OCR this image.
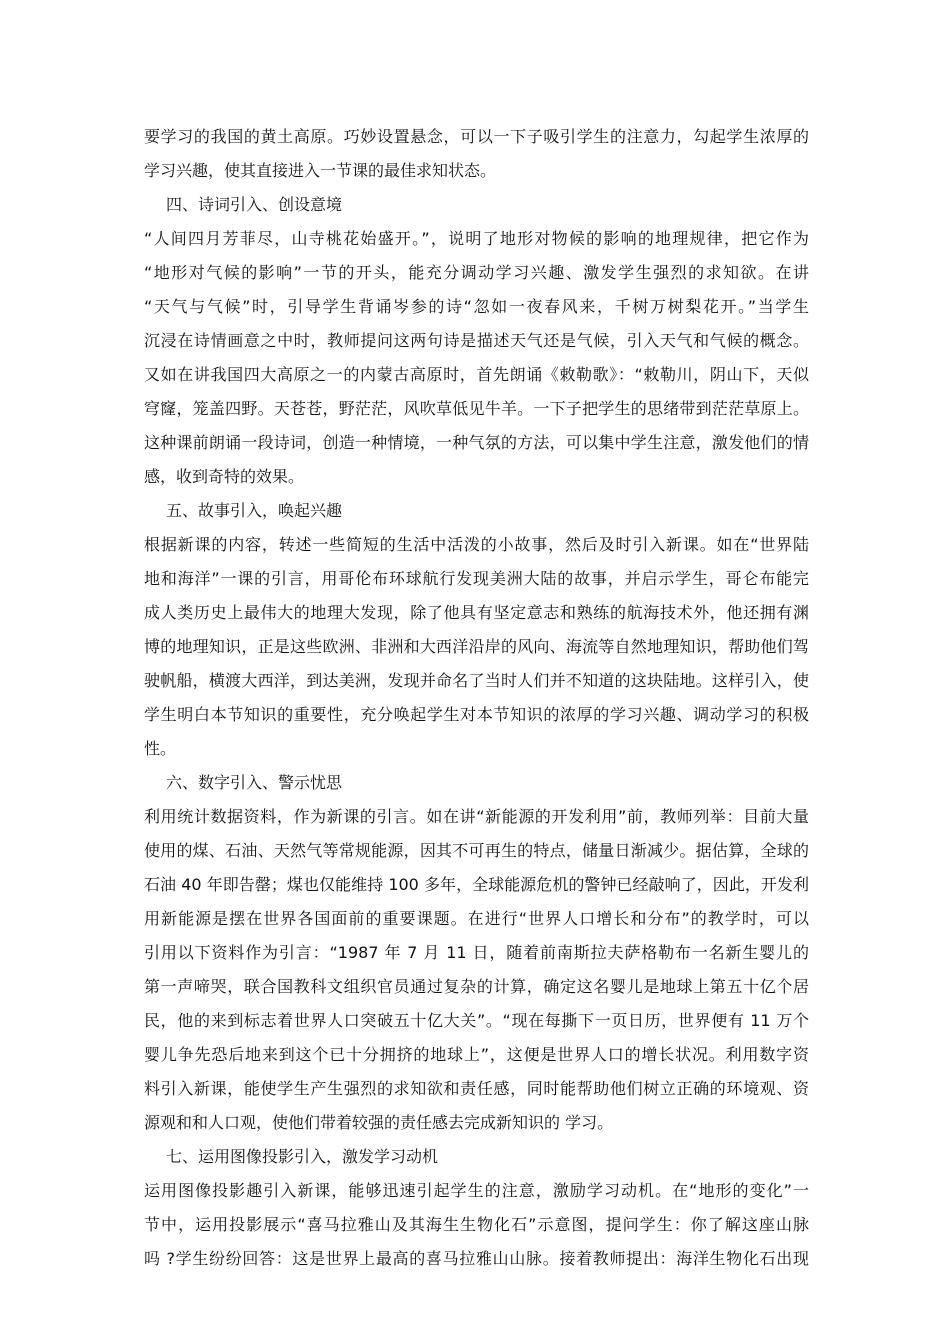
要学习的我国的黄土高原。巧妙设置悬念，可以一下子吸引学生的注意力，勾起学生浓厚的
学习兴趣，使其直接进入一节课的最佳求知状态。
四、诗词引入、创设意境
“人间四月芳菲尽，山寺桃花始盛开。”，说明了地形对物候的影响的地理规律，把它作为
“地形对气候的影响”一节的开头，能充分调动学习兴趣、激发学生强烈的求知欲。在讲
“天气与气候”时，引导学生背诵岑参的诗“忽如一夜春风来，千树万树梨花开。”当学生
沉浸在诗情画意之中时，教师提问这两句诗是描述天气还是气候，引入天气和气候的概念。
又如在讲我国四大高原之一的内蒙古高原时，首先朗诵《敕勒歌》：“敕勒川，阴山下，天似
穹窿，笼盖四野。天苍苍，野茫茫，风吹草低见牛羊。一下子把学生的思绪带到茫茫草原上。
这种课前朗诵一段诗词，创造一种情境，一种气氛的方法，可以集中学生注意，激发他们的情
感，收到奇特的效果。
五、故事引入，唤起兴趣
根据新课的内容，转述一些简短的生活中活泼的小故事，然后及时引入新课。如在“世界陆
地和海洋”一课的引言，用哥伦布环球航行发现美洲大陆的故事，并启示学生，哥仑布能完
成人类历史上最伟大的地理大发现，除了他具有坚定意志和熟练的航海技术外，他还拥有渊
博的地理知识，正是这些欧洲、非洲和大西洋沿岸的风向、海流等自然地理知识，帮助他们驾
驶帆船，横渡大西洋，到达美洲，发现并命名了当时人们并不知道的这块陆地。这样引入，使
学生明白本节知识的重要性，充分唤起学生对本节知识的浓厚的学习兴趣、调动学习的积极
性。
六、数字引入、警示忧思
利用统计数据资料，作为新课的引言。如在讲“新能源的开发利用”前，教师列举：目前大量
使用的煤、石油、天然气等常规能源，因其不可再生的特点，储量日渐减少。据估算，全球的
石油 40 年即告罄；煤也仅能维持 100 多年，全球能源危机的警钟已经敲响了，因此，开发利
用新能源是摆在世界各国面前的重要课题。在进行“世界人口增长和分布”的教学时，可以
引用以下资料作为引言：“1987 年 7 月 11 日，随着前南斯拉夫萨格勒布一名新生婴儿的
第一声啼哭，联合国教科文组织官员通过复杂的计算，确定这名婴儿是地球上第五十亿个居
民，他的来到标志着世界人口突破五十亿大关”。“现在每撕下一页日历，世界便有 11 万个
婴儿争先恐后地来到这个已十分拥挤的地球上”，这便是世界人口的增长状况。利用数字资
料引入新课，能使学生产生强烈的求知欲和责任感，同时能帮助他们树立正确的环境观、资
源观和和人口观，使他们带着较强的责任感去完成新知识的 学习。
七、运用图像投影引入，激发学习动机
运用图像投影趣引入新课，能够迅速引起学生的注意，激励学习动机。在“地形的变化”一
节中，运用投影展示“喜马拉雅山及其海生生物化石”示意图，提问学生：你了解这座山脉
吗 ?学生纷纷回答：这是世界上最高的喜马拉雅山山脉。接着教师提出：海洋生物化石出现
